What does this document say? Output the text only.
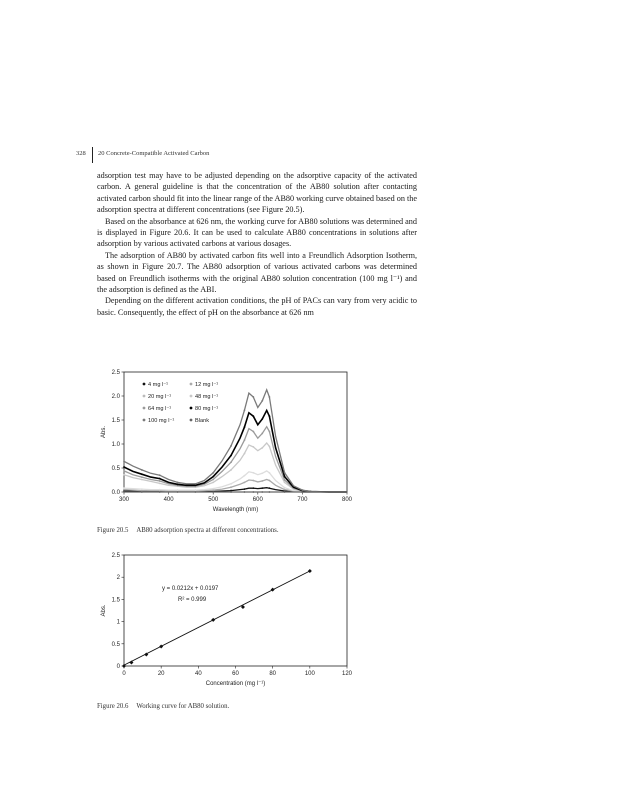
328 20 Concrete-Compatible Activated Carbon

adsorption test may have to be adjusted depending on the adsorptive capacity of the activated carbon. A general guideline is that the concentration of the AB80 solution after contacting activated carbon should fit into the linear range of the AB80 working curve obtained based on the adsorption spectra at different concentrations (see Figure 20.5).

Based on the absorbance at 626 nm, the working curve for AB80 solutions was determined and is displayed in Figure 20.6. It can be used to calculate AB80 concentrations in solutions after adsorption by various activated carbons at various dosages.

The adsorption of AB80 by activated carbon fits well into a Freundlich Adsorption Isotherm, as shown in Figure 20.7. The AB80 adsorption of various activated carbons was determined based on Freundlich isotherms with the original AB80 solution concentration (100 mg l⁻¹) and the adsorption is defined as the ABI.

Depending on the different activation conditions, the pH of PACs can vary from very acidic to basic. Consequently, the effect of pH on the absorbance at 626 nm

300	400	500	600	700	800
0.0
0.5
1.0
1.5
2.0
2.5
Wavelength (nm)
Abs.
4 mg l⁻¹	12 mg l⁻¹
20 mg l⁻¹	48 mg l⁻¹
64 mg l⁻¹	80 mg l⁻¹
100 mg l⁻¹	Blank
Figure 20.5 AB80 adsorption spectra at different concentrations.
0	20	40	60	80	100	120
0
0.5
1
1.5
2
2.5
Concentration (mg l⁻¹)
Abs.
y = 0.0212x + 0.0197
R² = 0.999
Figure 20.6 Working curve for AB80 solution.
